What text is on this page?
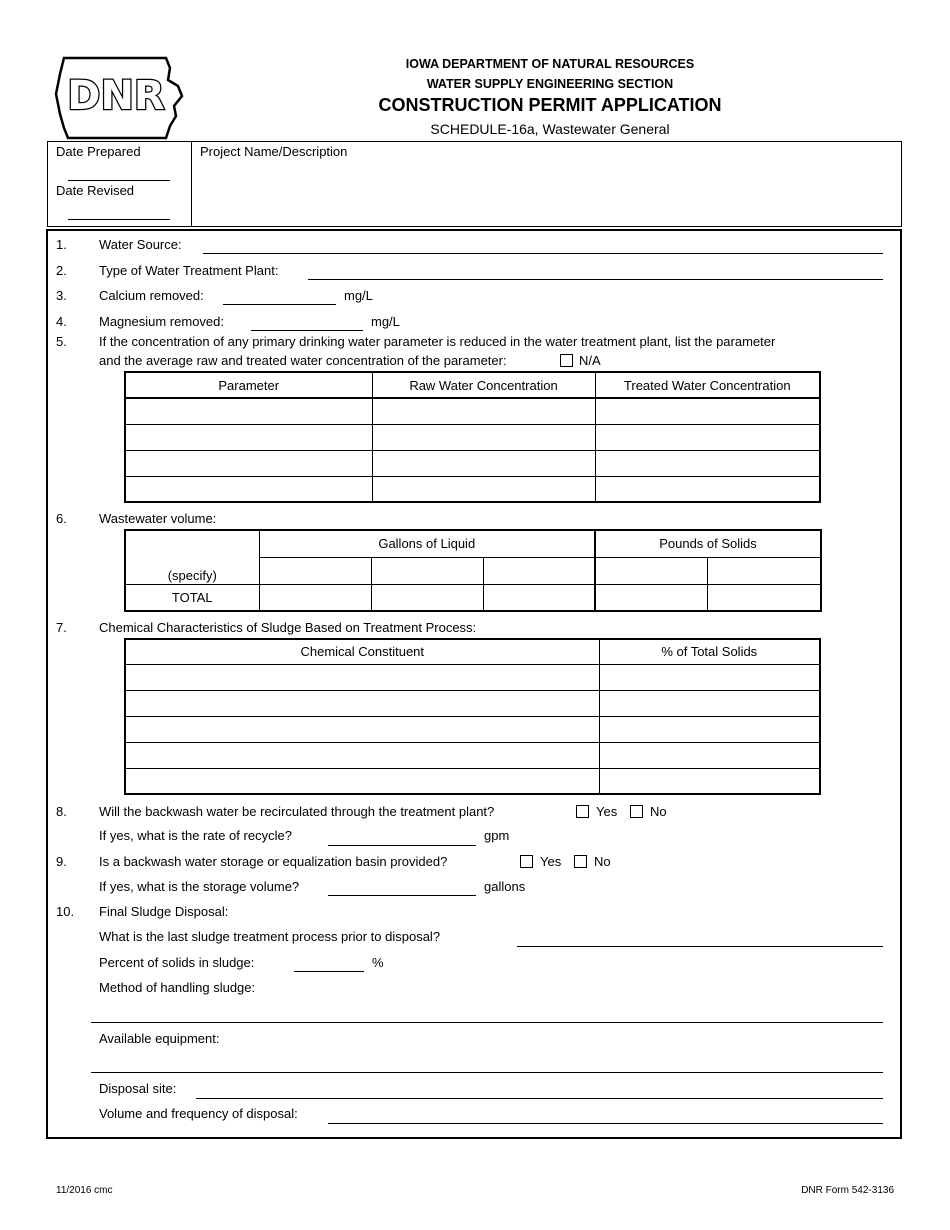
DNR
IOWA DEPARTMENT OF NATURAL RESOURCES
WATER SUPPLY ENGINEERING SECTION
CONSTRUCTION PERMIT APPLICATION
SCHEDULE-16a, Wastewater General
Date Prepared
Date Revised
Project Name/Description
1. Water Source:
2. Type of Water Treatment Plant:
3. Calcium removed:	mg/L
4. Magnesium removed:	mg/L
5. If the concentration of any primary drinking water parameter is reduced in the water treatment plant, list the parameter
and the average raw and treated water concentration of the parameter:	N/A
Parameter	Raw Water Concentration	Treated Water Concentration

6. Wastewater volume:
	Gallons of Liquid			Pounds of Solids	
(specify)					
TOTAL					
7. Chemical Characteristics of Sludge Based on Treatment Process:
Chemical Constituent	% of Total Solids

8. Will the backwash water be recirculated through the treatment plant?	Yes	No
If yes, what is the rate of recycle?	gpm
9. Is a backwash water storage or equalization basin provided?	Yes	No
If yes, what is the storage volume?	gallons
10. Final Sludge Disposal:
What is the last sludge treatment process prior to disposal?
Percent of solids in sludge:	%
Method of handling sludge:
Available equipment:
Disposal site:
Volume and frequency of disposal:
11/2016 cmc	DNR Form 542-3136
